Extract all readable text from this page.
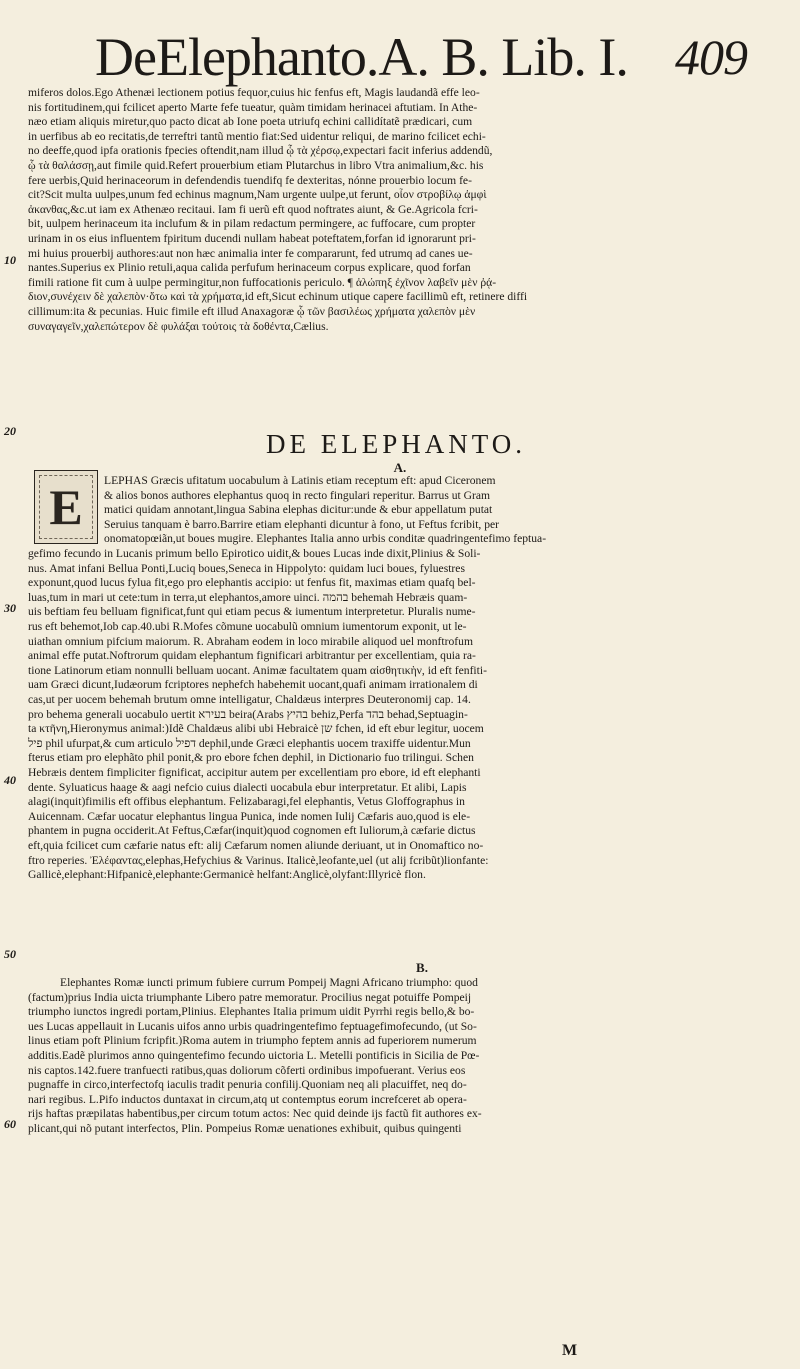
DeElephanto.A. B. Lib. I. 409
miferos dolos.Ego Athenæi lectionem potius fequor,cuius hic fenfus eft, Magis laudandã effe leo-
nis fortitudinem,qui fcilicet aperto Marte fefe tueatur, quàm timidam herinacei aftutiam. In Athe-
næo etiam aliquis miretur,quo pacto dicat ab Ione poeta utriufq echini callidítatẽ prædicari, cum
in uerfibus ab eo recitatis,de terreftri tantũ mentio fiat:Sed uidentur reliqui, de marino fcilicet echi-
no deeffe,quod ipfa orationis fpecies oftendit,nam illud ᾧ τὰ χέρσῳ,expectari facit inferius addendũ,
ᾧ τὰ θαλάσσῃ,aut fimile quid.Refert prouerbium etiam Plutarchus in libro Vtra animalium,&c. his
fere uerbis,Quid herinaceorum in defendendis tuendifq fe dexteritas, nónne prouerbio locum fe-
cit?Scit multa uulpes,unum fed echinus magnum,Nam urgente uulpe,ut ferunt, οἷον στροβίλῳ ἀμφὶ
ἀκανθας,&c.ut iam ex Athenæo recitaui. Iam fi uerũ eft quod noftrates aiunt, & Ge.Agricola fcri-
bit, uulpem herinaceum ita inclufum & in pilam redactum permingere, ac fuffocare, cum propter
urinam in os eius influentem fpiritum ducendi nullam habeat poteftatem,forfan id ignorarunt pri-
mi huius prouerbij authores:aut non hæc animalia inter fe compararunt, fed utrumq ad canes ue-
nantes.Superius ex Plinio retuli,aqua calida perfufum herinaceum corpus explicare, quod forfan
fimili ratione fit cum à uulpe permingitur,non fuffocationis periculo. ¶ ἀλώπηξ ἐχῖνον λαβεῖν μὲν ῥᾴ-
διον,συνέχειν δὲ χαλεπὸν·ὅτω καὶ τὰ χρήματα,id eft,Sicut echinum utique capere facillimũ eft, retinere diffi
cillimum:ita & pecunias. Huic fimile eft illud Anaxagoræ ᾧ τῶν βασιλέως χρήματα χαλεπὸν μὲν
συναγαγεῖν,χαλεπώτερον δὲ φυλάξαι τούτοις τὰ δοθέντα,Cælius.
DE ELEPHANTO.
A.
E LEPHAS Græcis ufitatum uocabulum à Latinis etiam receptum eft: apud Ciceronem
& alios bonos authores elephantus quoq in recto fingulari reperitur. Barrus ut Gram
matici quidam annotant,lingua Sabina elephas dicitur:unde & ebur appellatum putat
Seruius tanquam è barro.Barrire etiam elephanti dicuntur à fono, ut Feftus fcribit, per
onomatopœiãn,ut boues mugire. Elephantes Italia anno urbis conditæ quadringentefimo feptua-
gefimo fecundo in Lucanis primum bello Epirotico uidit,& boues Lucas inde dixit,Plinius & Soli-
nus. Amat infani Bellua Ponti,Luciq boues,Seneca in Hippolyto: quidam luci boues, fyluestres
exponunt,quod lucus fylua fit,ego pro elephantis accipio: ut fenfus fit, maximas etiam quafq bel-
luas,tum in mari ut cete:tum in terra,ut elephantos,amore uinci. בהמה behemah Hebræis quam-
uis beftiam feu belluam fignificat,funt qui etiam pecus & iumentum interpretetur. Pluralis nume-
rus eft behemot,Iob cap.40.ubi R.Mofes cõmune uocabulũ omnium iumentorum exponit, ut le-
uiathan omnium pifcium maiorum. R. Abraham eodem in loco mirabile aliquod uel monftrofum
animal effe putat.Noftrorum quidam elephantum fignificari arbitrantur per excellentiam, quia ra-
tione Latinorum etiam nonnulli belluam uocant. Animæ facultatem quam αἰσθητικὴν, id eft fenfiti-
uam Græci dicunt,Iudæorum fcriptores nephefch habehemit uocant,quafi animam irrationalem di
cas,ut per uocem behemah brutum omne intelligatur, Chaldæus interpres Deuteronomij cap. 14.
pro behema generali uocabulo uertit בעירא beira(Arabs בהיץ behiz,Perfa בהד behad,Septuagin-
ta κτῆνη,Hieronymus animal:)Idẽ Chaldæus alibi ubi Hebraicè שן fchen, id eft ebur legitur, uocem
פיל phil ufurpat,& cum articulo דפיל dephil,unde Græci elephantis uocem traxiffe uidentur.Mun
fterus etiam pro elephãto phil ponit,& pro ebore fchen dephil, in Dictionario fuo trilingui. Schen
Hebræis dentem fimpliciter fignificat, accipitur autem per excellentiam pro ebore, id eft elephanti
dente. Syluaticus haage & aagi nefcio cuius dialecti uocabula ebur interpretatur. Et alibi, Lapis
alagi(inquit)fimilis eft offibus elephantum. Felizabaragi,fel elephantis, Vetus Gloffographus in
Auicennam. Cæfar uocatur elephantus lingua Punica, inde nomen Iulij Cæfaris auo,quod is ele-
phantem in pugna occiderit.At Feftus,Cæfar(inquit)quod cognomen eft Iuliorum,à cæfarie dictus
eft,quia fcilicet cum cæfarie natus eft: alij Cæfarum nomen aliunde deriuant, ut in Onomaftico no-
ftro reperies. Ἐλέφαντας,elephas,Hefychius & Varinus. Italicè,leofante,uel (ut alij fcribũt)lionfante:
Gallicè,elephant:Hifpanicè,elephante:Germanicè helfant:Anglicè,olyfant:Illyricè flon.
B.
Elephantes Romæ iuncti primum fubiere currum Pompeij Magni Africano triumpho: quod
(factum)prius India uicta triumphante Libero patre memoratur. Procilius negat potuiffe Pompeij
triumpho iunctos ingredi portam,Plinius. Elephantes Italia primum uidit Pyrrhi regis bello,& bo-
ues Lucas appellauit in Lucanis uifos anno urbis quadringentefimo feptuagefimofecundo, (ut So-
linus etiam poft Plinium fcripfit.)Roma autem in triumpho feptem annis ad fuperiorem numerum
additis.Eadẽ plurimos anno quingentefimo fecundo uictoria L. Metelli pontificis in Sicilia de Pœ-
nis captos.142.fuere tranfuecti ratibus,quas doliorum cõferti ordinibus impofuerant. Verius eos
pugnaffe in circo,interfectofq iaculis tradit penuria confilij.Quoniam neq ali placuiffet, neq do-
nari regibus. L.Pifo inductos duntaxat in circum,atq ut contemptus eorum increfceret ab opera-
rijs haftas præpilatas habentibus,per circum totum actos: Nec quid deinde ijs factũ fit authores ex-
plicant,qui nõ putant interfectos, Plin. Pompeius Romæ uenationes exhibuit, quibus quingenti
10
20
30
40
50
60
M
